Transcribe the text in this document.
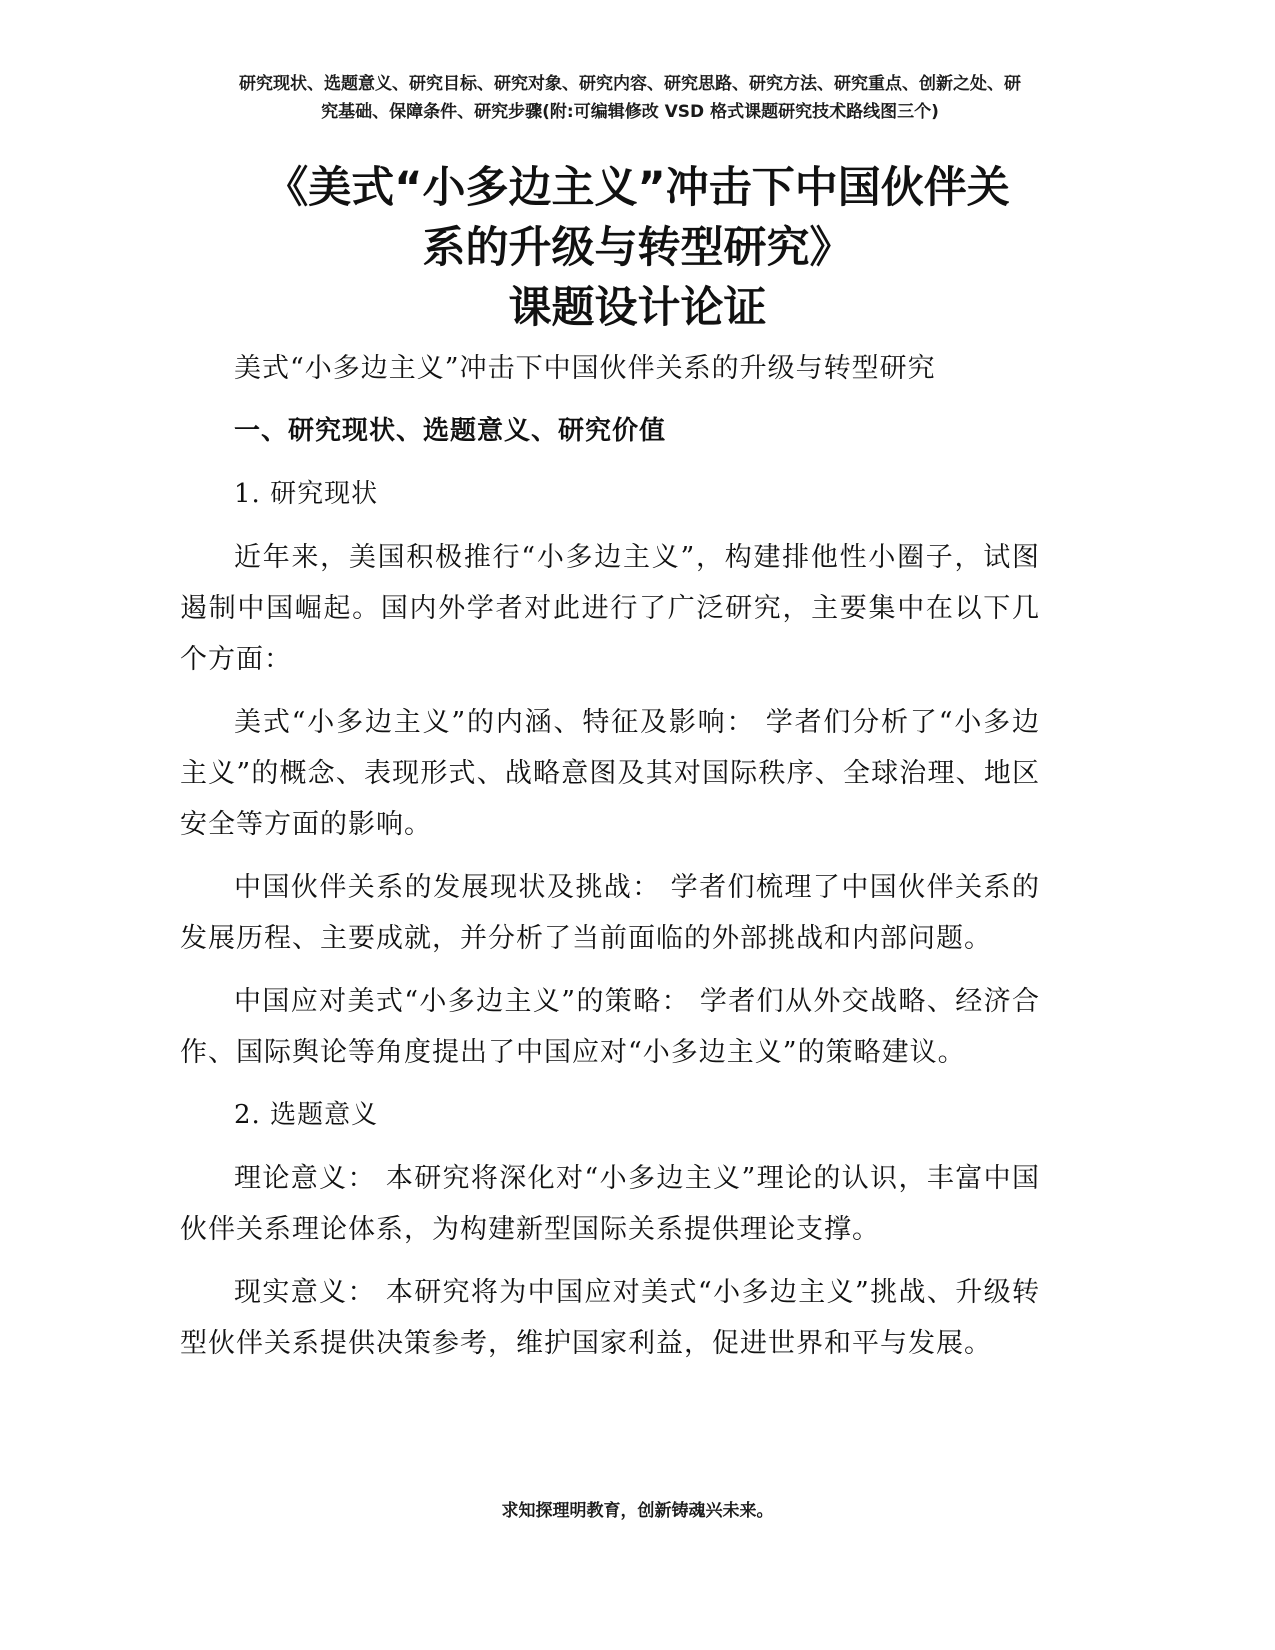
研究现状、选题意义、研究目标、研究对象、研究内容、研究思路、研究方法、研究重点、创新之处、研
究基础、保障条件、研究步骤(附:可编辑修改 VSD 格式课题研究技术路线图三个)
《美式“小多边主义”冲击下中国伙伴关
系的升级与转型研究》
课题设计论证

美式“小多边主义”冲击下中国伙伴关系的升级与转型研究

一、研究现状、选题意义、研究价值
1. 研究现状

近年来，美国积极推行“小多边主义”，构建排他性小圈子，试图遏制中国崛起。国内外学者对此进行了广泛研究，主要集中在以下几个方面：

美式“小多边主义”的内涵、特征及影响： 学者们分析了“小多边主义”的概念、表现形式、战略意图及其对国际秩序、全球治理、地区安全等方面的影响。

中国伙伴关系的发展现状及挑战： 学者们梳理了中国伙伴关系的发展历程、主要成就，并分析了当前面临的外部挑战和内部问题。

中国应对美式“小多边主义”的策略： 学者们从外交战略、经济合作、国际舆论等角度提出了中国应对“小多边主义”的策略建议。

2. 选题意义

理论意义： 本研究将深化对“小多边主义”理论的认识，丰富中国伙伴关系理论体系，为构建新型国际关系提供理论支撑。

现实意义： 本研究将为中国应对美式“小多边主义”挑战、升级转型伙伴关系提供决策参考，维护国家利益，促进世界和平与发展。

求知探理明教育，创新铸魂兴未来。
